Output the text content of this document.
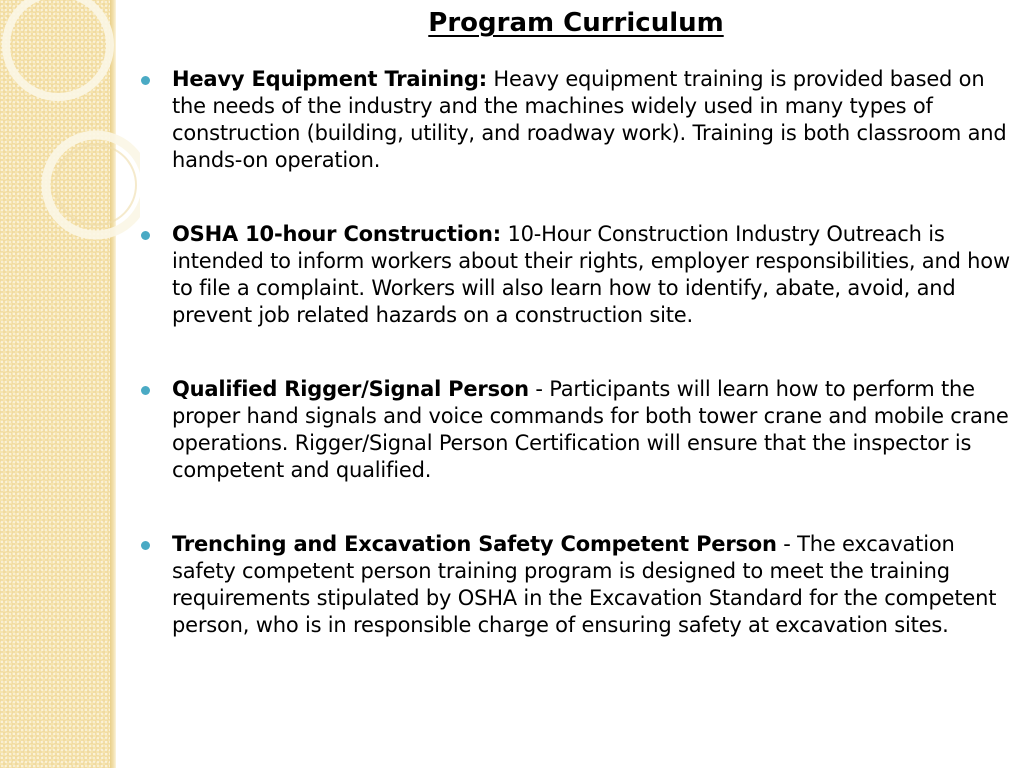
Program Curriculum
Heavy Equipment Training: Heavy equipment training is provided based on the needs of the industry and the machines widely used in many types of construction (building, utility, and roadway work). Training is both classroom and hands-on operation.
OSHA 10-hour Construction: 10-Hour Construction Industry Outreach is intended to inform workers about their rights, employer responsibilities, and how to file a complaint. Workers will also learn how to identify, abate, avoid, and prevent job related hazards on a construction site.
Qualified Rigger/Signal Person - Participants will learn how to perform the proper hand signals and voice commands for both tower crane and mobile crane operations. Rigger/Signal Person Certification will ensure that the inspector is competent and qualified.
Trenching and Excavation Safety Competent Person - The excavation safety competent person training program is designed to meet the training requirements stipulated by OSHA in the Excavation Standard for the competent person, who is in responsible charge of ensuring safety at excavation sites.
